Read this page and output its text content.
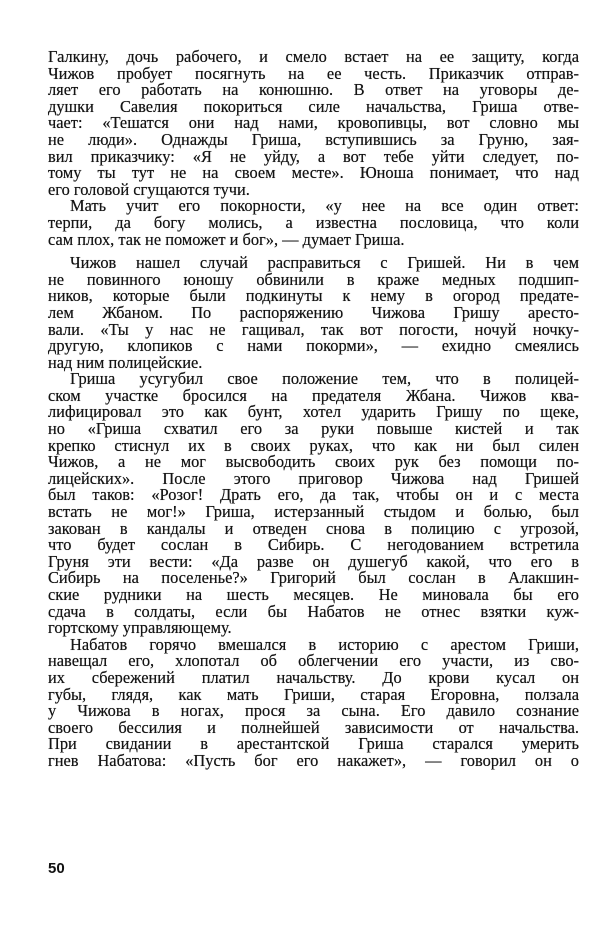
Галкину, дочь рабочего, и смело встает на ее защиту, когда
Чижов пробует посягнуть на ее честь. Приказчик отправ-
ляет его работать на конюшню. В ответ на уговоры де-
душки Савелия покориться силе начальства, Гриша отве-
чает: «Тешатся они над нами, кровопивцы, вот словно мы
не люди». Однажды Гриша, вступившись за Груню, зая-
вил приказчику: «Я не уйду, а вот тебе уйти следует, по-
тому ты тут не на своем месте». Юноша понимает, что над
его головой сгущаются тучи.
Мать учит его покорности, «у нее на все один ответ:
терпи, да богу молись, а известна пословица, что коли
сам плох, так не поможет и бог», — думает Гриша.
Чижов нашел случай расправиться с Гришей. Ни в чем
не повинного юношу обвинили в краже медных подшип-
ников, которые были подкинуты к нему в огород предате-
лем Жбаном. По распоряжению Чижова Гришу аресто-
вали. «Ты у нас не гащивал, так вот погости, ночуй ночку-
другую, клопиков с нами покорми», — ехидно смеялись
над ним полицейские.
Гриша усугубил свое положение тем, что в полицей-
ском участке бросился на предателя Жбана. Чижов ква-
лифицировал это как бунт, хотел ударить Гришу по щеке,
но «Гриша схватил его за руки повыше кистей и так
крепко стиснул их в своих руках, что как ни был силен
Чижов, а не мог высвободить своих рук без помощи по-
лицейских». После этого приговор Чижова над Гришей
был таков: «Розог! Драть его, да так, чтобы он и с места
встать не мог!» Гриша, истерзанный стыдом и болью, был
закован в кандалы и отведен снова в полицию с угрозой,
что будет сослан в Сибирь. С негодованием встретила
Груня эти вести: «Да разве он душегуб какой, что его в
Сибирь на поселенье?» Григорий был сослан в Алакшин-
ские рудники на шесть месяцев. Не миновала бы его
сдача в солдаты, если бы Набатов не отнес взятки куж-
гортскому управляющему.
Набатов горячо вмешался в историю с арестом Гриши,
навещал его, хлопотал об облегчении его участи, из сво-
их сбережений платил начальству. До крови кусал он
губы, глядя, как мать Гриши, старая Егоровна, ползала
у Чижова в ногах, прося за сына. Его давило сознание
своего бессилия и полнейшей зависимости от начальства.
При свидании в арестантской Гриша старался умерить
гнев Набатова: «Пусть бог его накажет», — говорил он о
50
